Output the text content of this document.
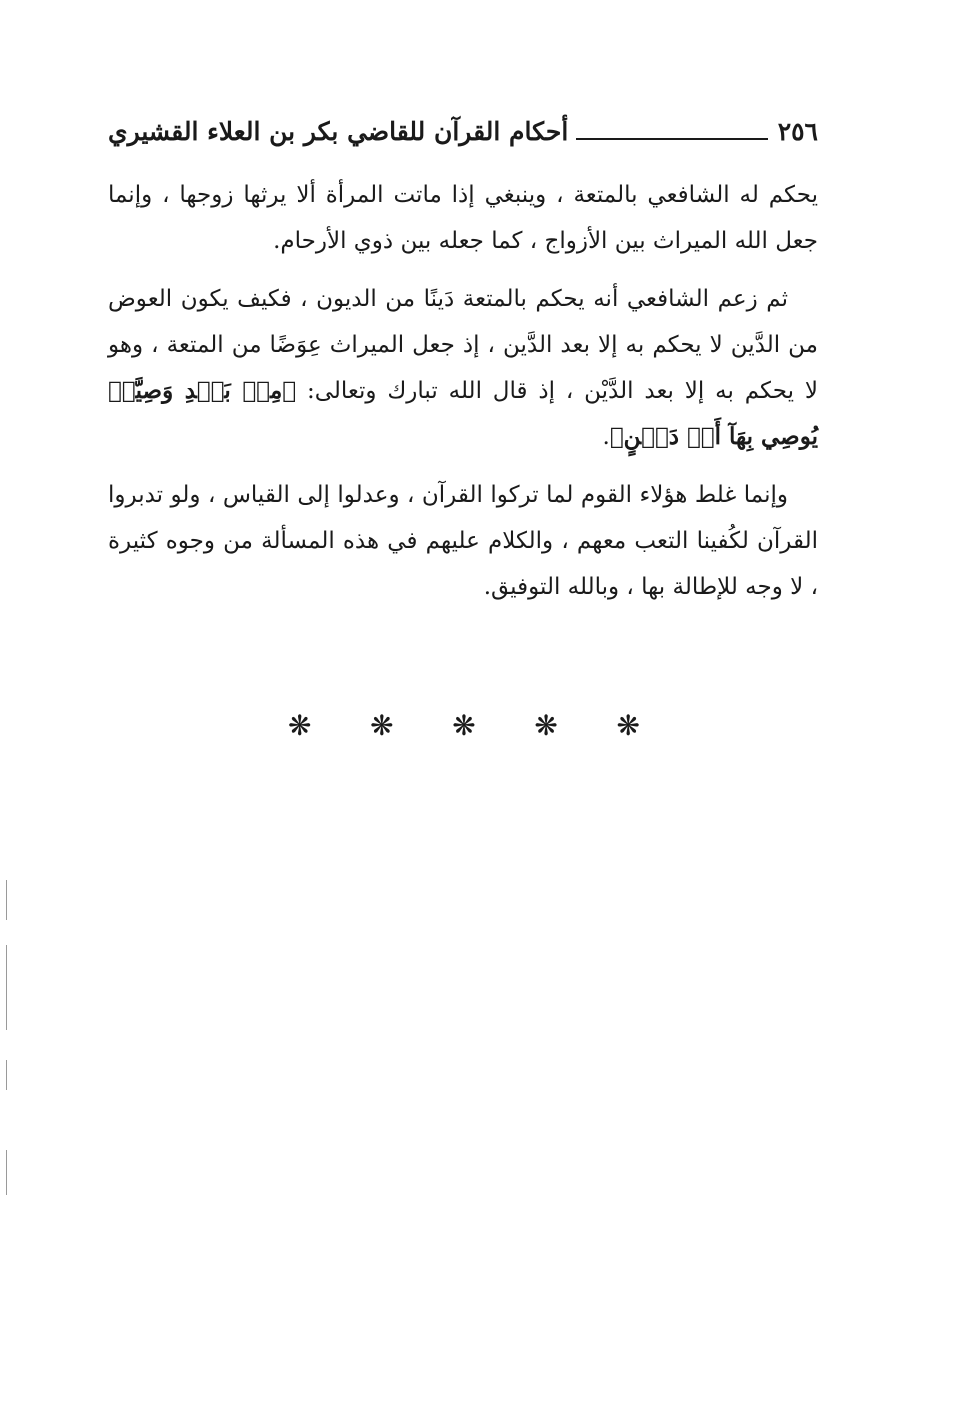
٢٥٦
أحكام القرآن للقاضي بكر بن العلاء القشيري

يحكم له الشافعي بالمتعة ، وينبغي إذا ماتت المرأة ألا يرثها زوجها ، وإنما جعل الله الميراث بين الأزواج ، كما جعله بين ذوي الأرحام.

ثم زعم الشافعي أنه يحكم بالمتعة دَينًا من الديون ، فكيف يكون العوض من الدَّين لا يحكم به إلا بعد الدَّين ، إذ جعل الميراث عِوَضًا من المتعة ، وهو لا يحكم به إلا بعد الدَّيْن ، إذ قال الله تبارك وتعالى: ﴿مِنۢ بَعۡدِ وَصِيَّةٖ يُوصِي بِهَآ أَوۡ دَيۡنٍ﴾.

وإنما غلط هؤلاء القوم لما تركوا القرآن ، وعدلوا إلى القياس ، ولو تدبروا القرآن لكُفينا التعب معهم ، والكلام عليهم في هذه المسألة من وجوه كثيرة ، لا وجه للإطالة بها ، وبالله التوفيق.

❋
❋
❋
❋
❋
